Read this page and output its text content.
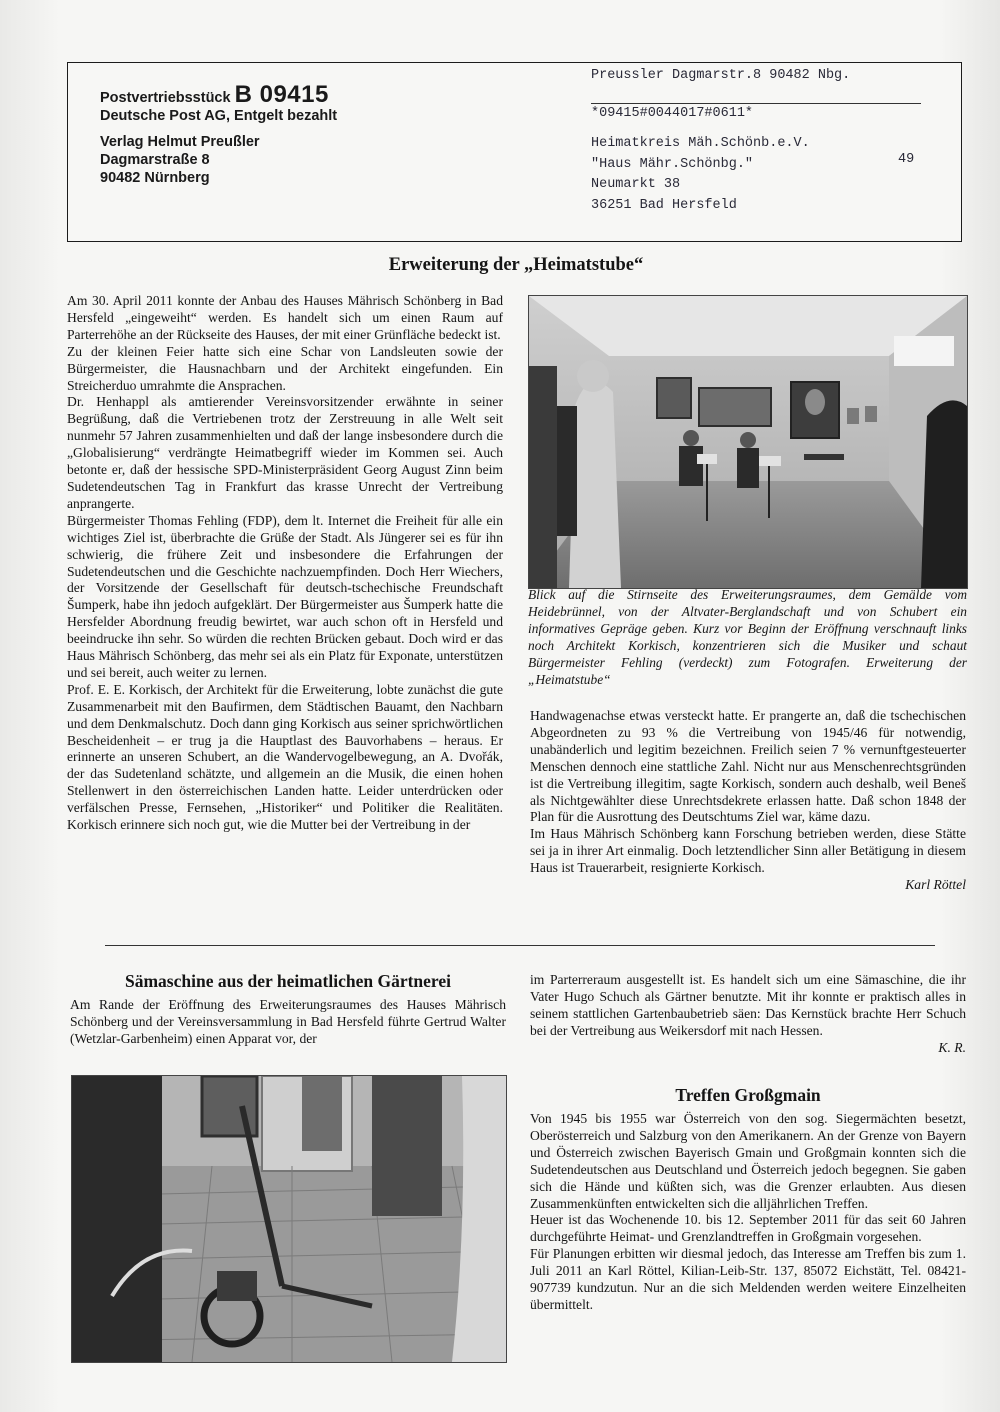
Postvertriebsstück B 09415
Deutsche Post AG, Entgelt bezahlt
Verlag Helmut Preußler
Dagmarstraße 8
90482 Nürnberg
Preussler Dagmarstr.8 90482 Nbg.
*09415#0044017#0611*
Heimatkreis Mäh.Schönb.e.V.
"Haus Mähr.Schönbg."
Neumarkt 38
36251 Bad Hersfeld
49
Erweiterung der „Heimatstube“

Am 30. April 2011 konnte der Anbau des Hauses Mährisch Schönberg in Bad Hersfeld „eingeweiht“ werden. Es handelt sich um einen Raum auf Parterrehöhe an der Rückseite des Hauses, der mit einer Grünfläche bedeckt ist.

Zu der kleinen Feier hatte sich eine Schar von Landsleuten sowie der Bürgermeister, die Hausnachbarn und der Architekt eingefunden. Ein Streicherduo umrahmte die Ansprachen.

Dr. Henhappl als amtierender Vereinsvorsitzender erwähnte in seiner Begrüßung, daß die Vertriebenen trotz der Zerstreuung in alle Welt seit nunmehr 57 Jahren zusammenhielten und daß der lange insbesondere durch die „Globalisierung“ verdrängte Heimatbegriff wieder im Kommen sei. Auch betonte er, daß der hessische SPD-Ministerpräsident Georg August Zinn beim Sudetendeutschen Tag in Frankfurt das krasse Unrecht der Vertreibung anprangerte.

Bürgermeister Thomas Fehling (FDP), dem lt. Internet die Freiheit für alle ein wichtiges Ziel ist, überbrachte die Grüße der Stadt. Als Jüngerer sei es für ihn schwierig, die frühere Zeit und insbesondere die Erfahrungen der Sudetendeutschen und die Geschichte nachzuempfinden. Doch Herr Wiechers, der Vorsitzende der Gesellschaft für deutsch-tschechische Freundschaft Šumperk, habe ihn jedoch aufgeklärt. Der Bürgermeister aus Šumperk hatte die Hersfelder Abordnung freudig bewirtet, war auch schon oft in Hersfeld und beeindrucke ihn sehr. So würden die rechten Brücken gebaut. Doch wird er das Haus Mährisch Schönberg, das mehr sei als ein Platz für Exponate, unterstützen und sei bereit, auch weiter zu lernen.

Prof. E. E. Korkisch, der Architekt für die Erweiterung, lobte zunächst die gute Zusammenarbeit mit den Baufirmen, dem Städtischen Bauamt, den Nachbarn und dem Denkmalschutz. Doch dann ging Korkisch aus seiner sprichwörtlichen Bescheidenheit – er trug ja die Hauptlast des Bauvorhabens – heraus. Er erinnerte an unseren Schubert, an die Wandervogelbewegung, an A. Dvořák, der das Sudetenland schätzte, und allgemein an die Musik, die einen hohen Stellenwert in den österreichischen Landen hatte. Leider unterdrücken oder verfälschen Presse, Fernsehen, „Historiker“ und Politiker die Realitäten. Korkisch erinnere sich noch gut, wie die Mutter bei der Vertreibung in der

Blick auf die Stirnseite des Erweiterungsraumes, dem Gemälde vom Heidebrünnel, von der Altvater-Berglandschaft und von Schubert ein informatives Gepräge geben. Kurz vor Beginn der Eröffnung verschnauft links noch Architekt Korkisch, konzentrieren sich die Musiker und schaut Bürgermeister Fehling (verdeckt) zum Fotografen. Erweiterung der „Heimatstube“

Handwagenachse etwas versteckt hatte. Er prangerte an, daß die tschechischen Abgeordneten zu 93 % die Vertreibung von 1945/46 für notwendig, unabänderlich und legitim bezeichnen. Freilich seien 7 % vernunftgesteuerter Menschen dennoch eine stattliche Zahl. Nicht nur aus Menschenrechtsgründen ist die Vertreibung illegitim, sagte Korkisch, sondern auch deshalb, weil Beneš als Nichtgewählter diese Unrechtsdekrete erlassen hatte. Daß schon 1848 der Plan für die Ausrottung des Deutschtums Ziel war, käme dazu.

Im Haus Mährisch Schönberg kann Forschung betrieben werden, diese Stätte sei ja in ihrer Art einmalig. Doch letztendlicher Sinn aller Betätigung in diesem Haus ist Trauerarbeit, resignierte Korkisch.

Karl Röttel

Sämaschine aus der heimatlichen Gärtnerei

Am Rande der Eröffnung des Erweiterungsraumes des Hauses Mährisch Schönberg und der Vereinsversammlung in Bad Hersfeld führte Gertrud Walter (Wetzlar-Garbenheim) einen Apparat vor, der

im Parterreraum ausgestellt ist. Es handelt sich um eine Sämaschine, die ihr Vater Hugo Schuch als Gärtner benutzte. Mit ihr konnte er praktisch alles in seinem stattlichen Gartenbaubetrieb säen: Das Kernstück brachte Herr Schuch bei der Vertreibung aus Weikersdorf mit nach Hessen.

K. R.

Treffen Großgmain

Von 1945 bis 1955 war Österreich von den sog. Siegermächten besetzt, Oberösterreich und Salzburg von den Amerikanern. An der Grenze von Bayern und Österreich zwischen Bayerisch Gmain und Großgmain konnten sich die Sudetendeutschen aus Deutschland und Österreich jedoch begegnen. Sie gaben sich die Hände und küßten sich, was die Grenzer erlaubten. Aus diesen Zusammenkünften entwickelten sich die alljährlichen Treffen.

Heuer ist das Wochenende 10. bis 12. September 2011 für das seit 60 Jahren durchgeführte Heimat- und Grenzlandtreffen in Großgmain vorgesehen.

Für Planungen erbitten wir diesmal jedoch, das Interesse am Treffen bis zum 1. Juli 2011 an Karl Röttel, Kilian-Leib-Str. 137, 85072 Eichstätt, Tel. 08421-907739 kundzutun. Nur an die sich Meldenden werden weitere Einzelheiten übermittelt.
